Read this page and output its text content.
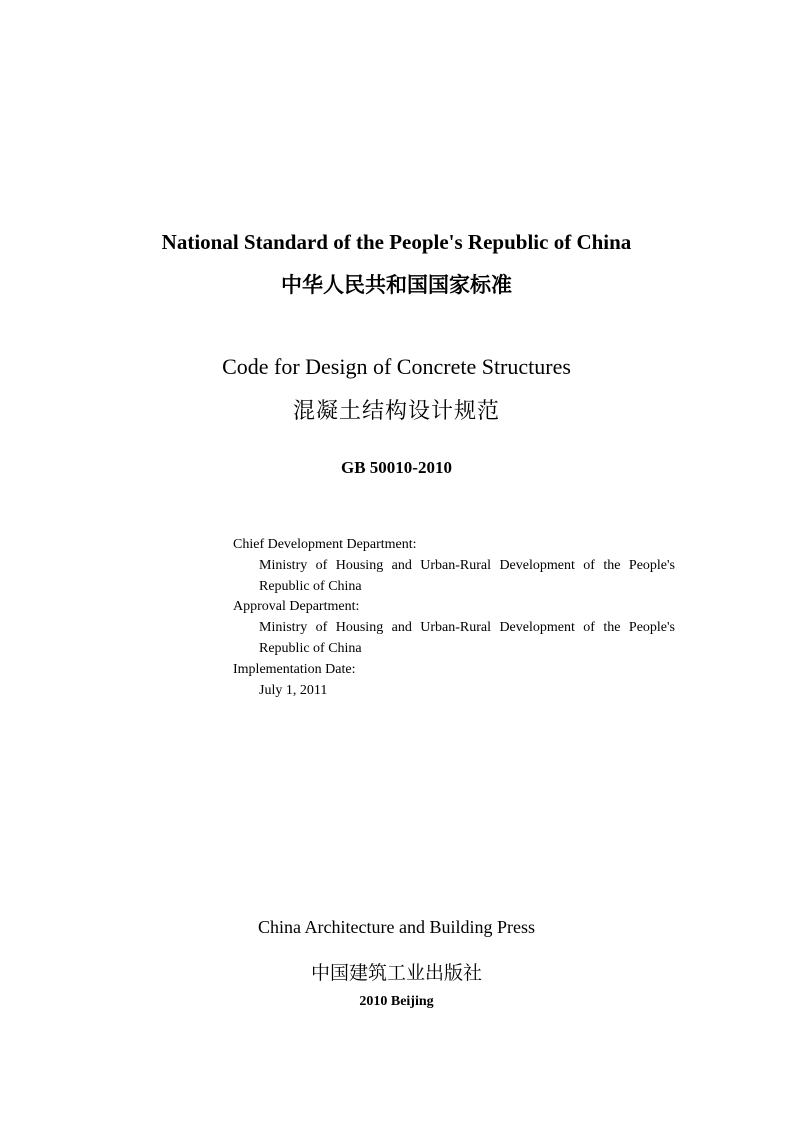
National Standard of the People's Republic of China
中华人民共和国国家标准
Code for Design of Concrete Structures
混凝土结构设计规范
GB 50010-2010
Chief Development Department:
Ministry of Housing and Urban-Rural Development of the People's
Republic of China
Approval Department:
Ministry of Housing and Urban-Rural Development of the People's
Republic of China
Implementation Date:
July 1, 2011
China Architecture and Building Press
中国建筑工业出版社
2010 Beijing
